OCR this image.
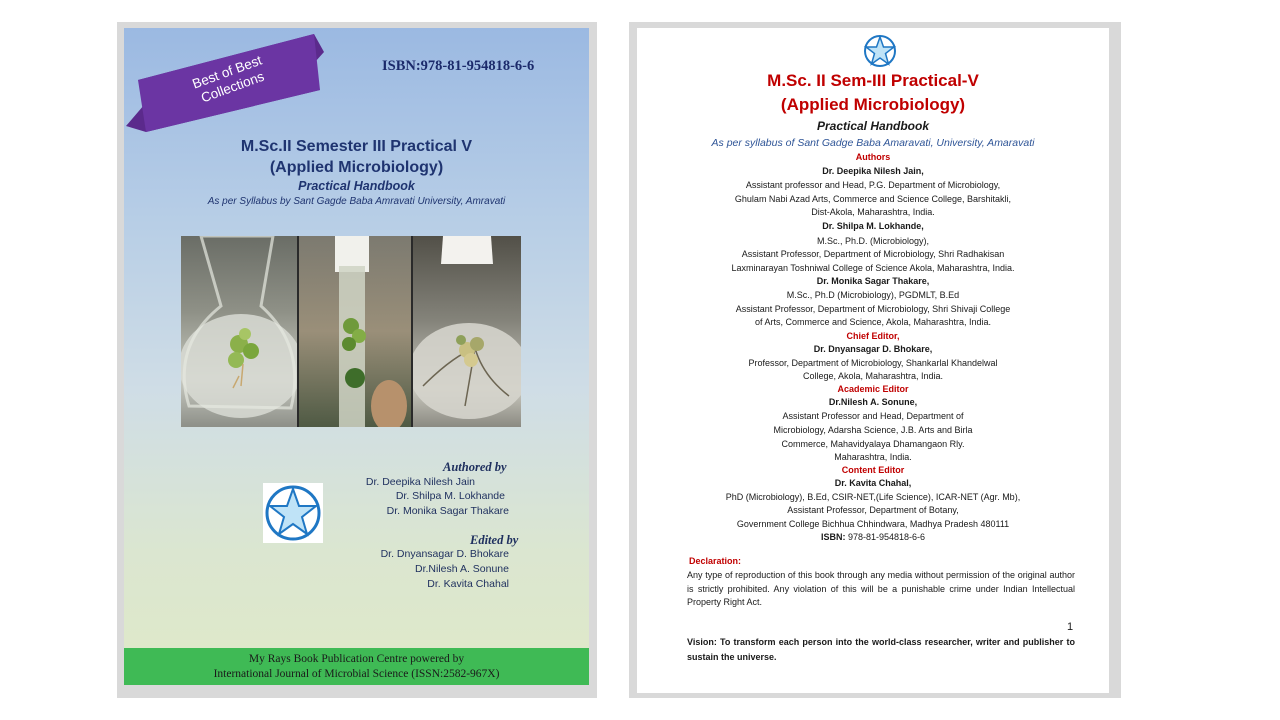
Best of Best Collections
ISBN:978-81-954818-6-6
M.Sc.II Semester III Practical V
(Applied Microbiology)
Practical Handbook
As per Syllabus by Sant Gagde Baba Amravati University, Amravati
Authored by
Dr. Deepika Nilesh Jain
Dr. Shilpa M. Lokhande
Dr. Monika Sagar Thakare
Edited by
Dr. Dnyansagar D. Bhokare
Dr.Nilesh A. Sonune
Dr. Kavita Chahal
My Rays Book Publication Centre powered by
International Journal of Microbial Science (ISSN:2582-967X)
M.Sc. II Sem-III Practical-V
(Applied Microbiology)
Practical Handbook
As per syllabus of Sant Gadge Baba Amaravati, University, Amaravati
Authors
Dr. Deepika Nilesh Jain,
Assistant professor and Head, P.G. Department of Microbiology,
Ghulam Nabi Azad Arts, Commerce and Science College, Barshitakli,
Dist-Akola, Maharashtra, India.
Dr. Shilpa M. Lokhande,
M.Sc., Ph.D. (Microbiology),
Assistant Professor, Department of Microbiology, Shri Radhakisan
Laxminarayan Toshniwal College of Science Akola, Maharashtra, India.
Dr. Monika Sagar Thakare,
M.Sc., Ph.D (Microbiology), PGDMLT, B.Ed
Assistant Professor, Department of Microbiology, Shri Shivaji College
of Arts, Commerce and Science, Akola, Maharashtra, India.
Chief Editor,
Dr. Dnyansagar D. Bhokare,
Professor, Department of Microbiology, Shankarlal Khandelwal
College, Akola, Maharashtra, India.
Academic Editor
Dr.Nilesh A. Sonune,
Assistant Professor and Head, Department of
Microbiology, Adarsha Science, J.B. Arts and Birla
Commerce, Mahavidyalaya Dhamangaon Rly.
Maharashtra, India.
Content Editor
Dr. Kavita Chahal,
PhD (Microbiology), B.Ed, CSIR-NET,(Life Science), ICAR-NET (Agr. Mb),
Assistant Professor, Department of Botany,
Government College Bichhua Chhindwara, Madhya Pradesh 480111
ISBN: 978-81-954818-6-6
Declaration:
Any type of reproduction of this book through any media without permission of the original author is strictly prohibited. Any violation of this will be a punishable crime under Indian Intellectual Property Right Act.
1
Vision: To transform each person into the world-class researcher, writer and publisher to sustain the universe.
